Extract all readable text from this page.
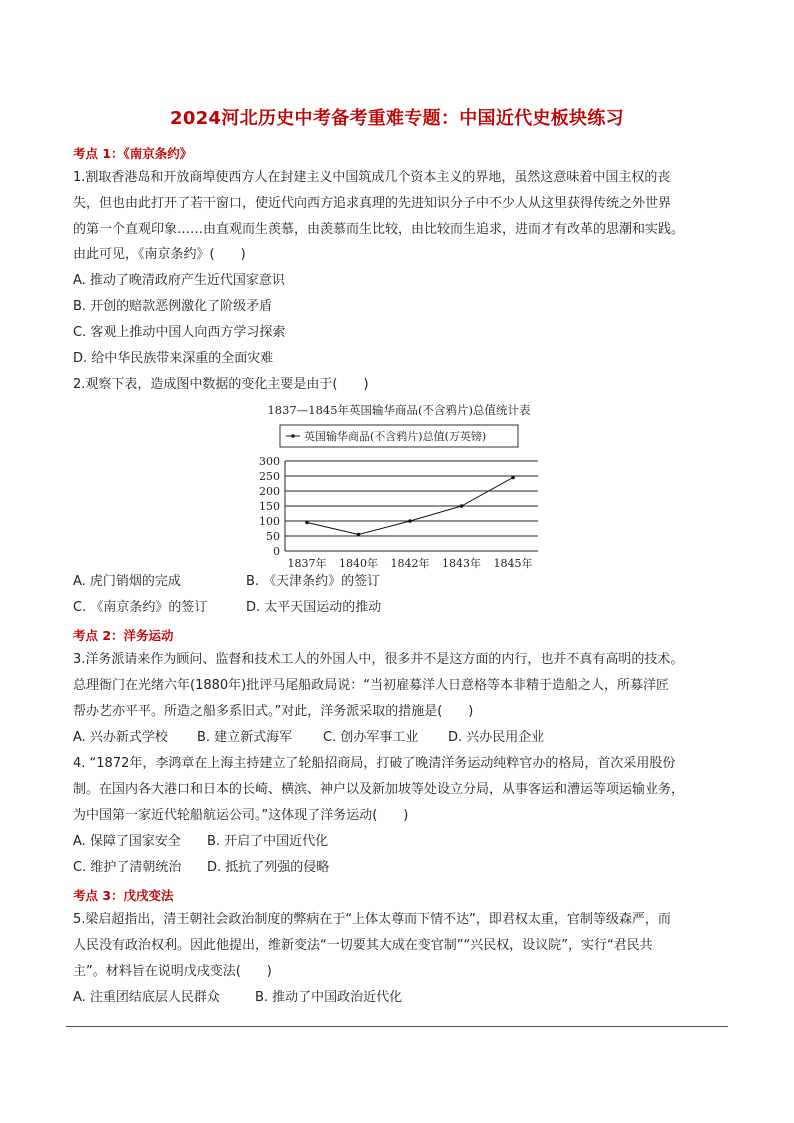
2024河北历史中考备考重难专题：中国近代史板块练习
考点 1：《南京条约》
1.割取香港岛和开放商埠使西方人在封建主义中国筑成几个资本主义的界地，虽然这意味着中国主权的丧
失，但也由此打开了若干窗口，使近代向西方追求真理的先进知识分子中不少人从这里获得传统之外世界
的第一个直观印象……由直观而生羡慕，由羡慕而生比较，由比较而生追求，进而才有改革的思潮和实践。
由此可见，《南京条约》(　　)
A. 推动了晚清政府产生近代国家意识
B. 开创的赔款恶例激化了阶级矛盾
C. 客观上推动中国人向西方学习探索
D. 给中华民族带来深重的全面灾难
2.观察下表，造成图中数据的变化主要是由于(　　)
1837—1845年英国输华商品(不含鸦片)总值统计表
英国输华商品(不含鸦片)总值(万英镑)
0
50
100
150
200
250
300
1837年 1840年 1842年 1843年 1845年
A. 虎门销烟的完成	B. 《天津条约》的签订
C. 《南京条约》的签订	D. 太平天国运动的推动
考点 2：洋务运动
3.洋务派请来作为顾问、监督和技术工人的外国人中，很多并不是这方面的内行，也并不真有高明的技术。
总理衙门在光绪六年(1880年)批评马尾船政局说：“当初雇募洋人日意格等本非精于造船之人，所募洋匠
帮办艺亦平平。所造之船多系旧式。”对此，洋务派采取的措施是(　　)
A. 兴办新式学校 B. 建立新式海军 C. 创办军事工业 D. 兴办民用企业
4. “1872年，李鸿章在上海主持建立了轮船招商局，打破了晚清洋务运动纯粹官办的格局，首次采用股份
制。在国内各大港口和日本的长崎、横滨、神户以及新加坡等处设立分局，从事客运和漕运等项运输业务，
为中国第一家近代轮船航运公司。”这体现了洋务运动(　　)
A. 保障了国家安全 B. 开启了中国近代化
C. 维护了清朝统治 D. 抵抗了列强的侵略
考点 3：戊戌变法
5.梁启超指出，清王朝社会政治制度的弊病在于“上体太尊而下情不达”，即君权太重，官制等级森严，而
人民没有政治权利。因此他提出，维新变法“一切要其大成在变官制”“兴民权，设议院”，实行“君民共
主”。材料旨在说明戊戌变法(　　)
A. 注重团结底层人民群众	B. 推动了中国政治近代化
